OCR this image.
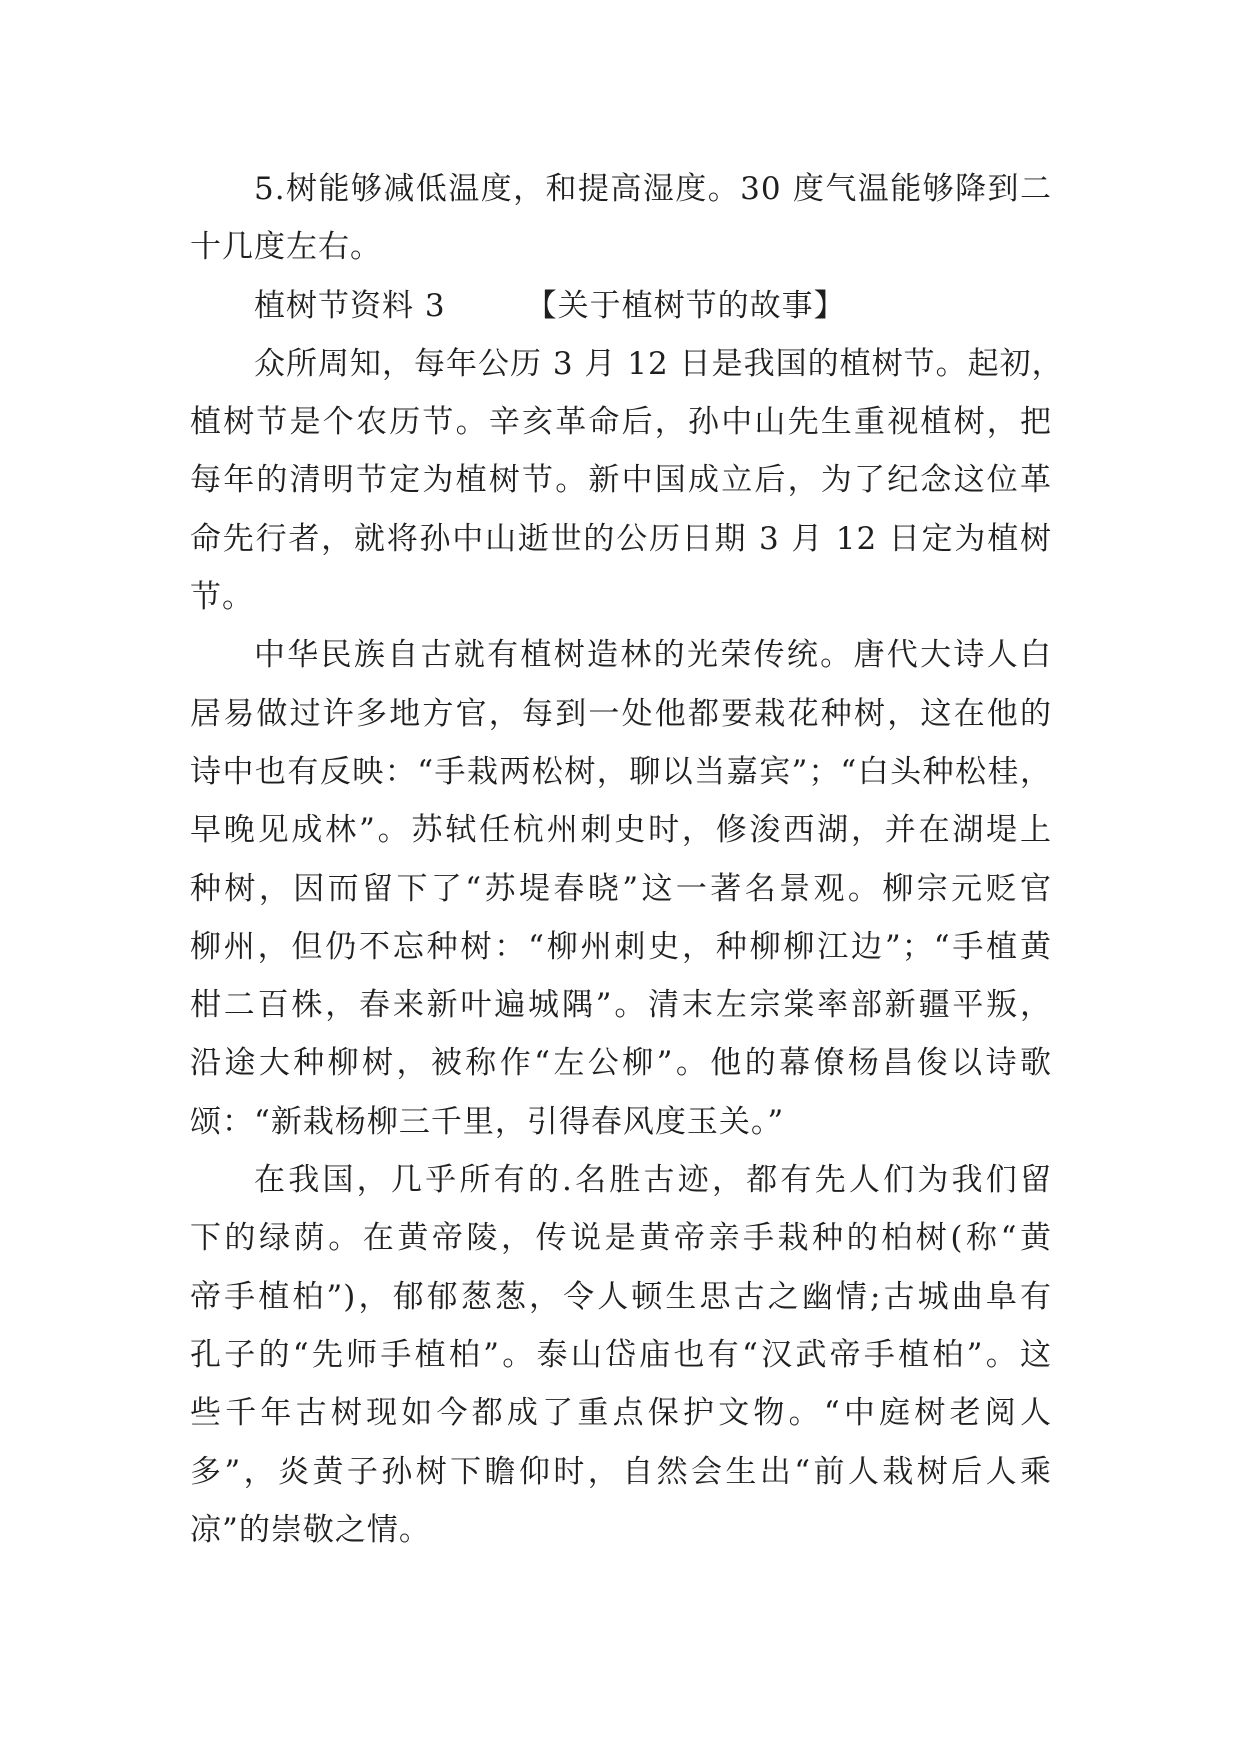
5.树能够减低温度，和提高湿度。30 度气温能够降到二
十几度左右。
植树节资料 3	【关于植树节的故事】
众所周知，每年公历 3 月 12 日是我国的植树节。起初，
植树节是个农历节。辛亥革命后，孙中山先生重视植树，把
每年的清明节定为植树节。新中国成立后，为了纪念这位革
命先行者，就将孙中山逝世的公历日期 3 月 12 日定为植树
节。
中华民族自古就有植树造林的光荣传统。唐代大诗人白
居易做过许多地方官，每到一处他都要栽花种树，这在他的
诗中也有反映：“手栽两松树，聊以当嘉宾”；“白头种松桂，
早晚见成林”。苏轼任杭州刺史时，修浚西湖，并在湖堤上
种树，因而留下了“苏堤春晓”这一著名景观。柳宗元贬官
柳州，但仍不忘种树：“柳州刺史，种柳柳江边”；“手植黄
柑二百株，春来新叶遍城隅”。清末左宗棠率部新疆平叛，
沿途大种柳树，被称作“左公柳”。他的幕僚杨昌俊以诗歌
颂：“新栽杨柳三千里，引得春风度玉关。”
在我国，几乎所有的.名胜古迹，都有先人们为我们留
下的绿荫。在黄帝陵，传说是黄帝亲手栽种的柏树(称“黄
帝手植柏”)，郁郁葱葱，令人顿生思古之幽情;古城曲阜有
孔子的“先师手植柏”。泰山岱庙也有“汉武帝手植柏”。这
些千年古树现如今都成了重点保护文物。“中庭树老阅人
多”，炎黄子孙树下瞻仰时，自然会生出“前人栽树后人乘
凉”的崇敬之情。
